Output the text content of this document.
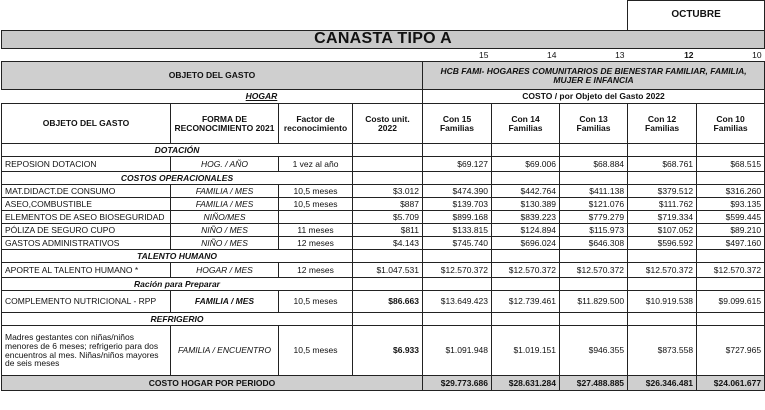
							OCTUBRE	
CANASTA TIPO A								
				15	14	13	12	10
OBJETO DEL GASTO				HCB FAMI- HOGARES COMUNITARIOS DE BIENESTAR FAMILIAR, FAMILIA, MUJER E INFANCIA				
	HOGAR			COSTO / por Objeto del Gasto 2022				
OBJETO DEL GASTO	FORMA DE RECONOCIMIENTO 2021	Factor de reconocimiento	Costo unit. 2022	Con 15 Familias	Con 14 Familias	Con 13 Familias	Con 12 Familias	Con 10 Familias
DOTACIÓN								
REPOSION DOTACION	HOG. / AÑO	1 vez al año		$69.127	$69.006	$68.884	$68.761	$68.515
COSTOS OPERACIONALES								
MAT.DIDACT.DE CONSUMO	FAMILIA / MES	10,5 meses	$3.012	$474.390	$442.764	$411.138	$379.512	$316.260
ASEO,COMBUSTIBLE	FAMILIA / MES	10,5 meses	$887	$139.703	$130.389	$121.076	$111.762	$93.135
ELEMENTOS DE ASEO BIOSEGURIDAD	NIÑO/MES		$5.709	$899.168	$839.223	$779.279	$719.334	$599.445
PÓLIZA DE SEGURO CUPO	NIÑO / MES	11 meses	$811	$133.815	$124.894	$115.973	$107.052	$89.210
GASTOS ADMINISTRATIVOS	NIÑO / MES	12 meses	$4.143	$745.740	$696.024	$646.308	$596.592	$497.160
TALENTO HUMANO								
APORTE AL TALENTO HUMANO *	HOGAR / MES	12 meses	$1.047.531	$12.570.372	$12.570.372	$12.570.372	$12.570.372	$12.570.372
Ración para Preparar								
COMPLEMENTO NUTRICIONAL - RPP	FAMILIA / MES	10,5 meses	$86.663	$13.649.423	$12.739.461	$11.829.500	$10.919.538	$9.099.615
REFRIGERIO								
Madres gestantes con niñas/niños menores de 6 meses; refrigerio para dos encuentros al mes. Niñas/niños mayores de seis meses	FAMILIA / ENCUENTRO	10,5 meses	$6.933	$1.091.948	$1.019.151	$946.355	$873.558	$727.965
COSTO HOGAR POR PERIODO				$29.773.686	$28.631.284	$27.488.885	$26.346.481	$24.061.677
